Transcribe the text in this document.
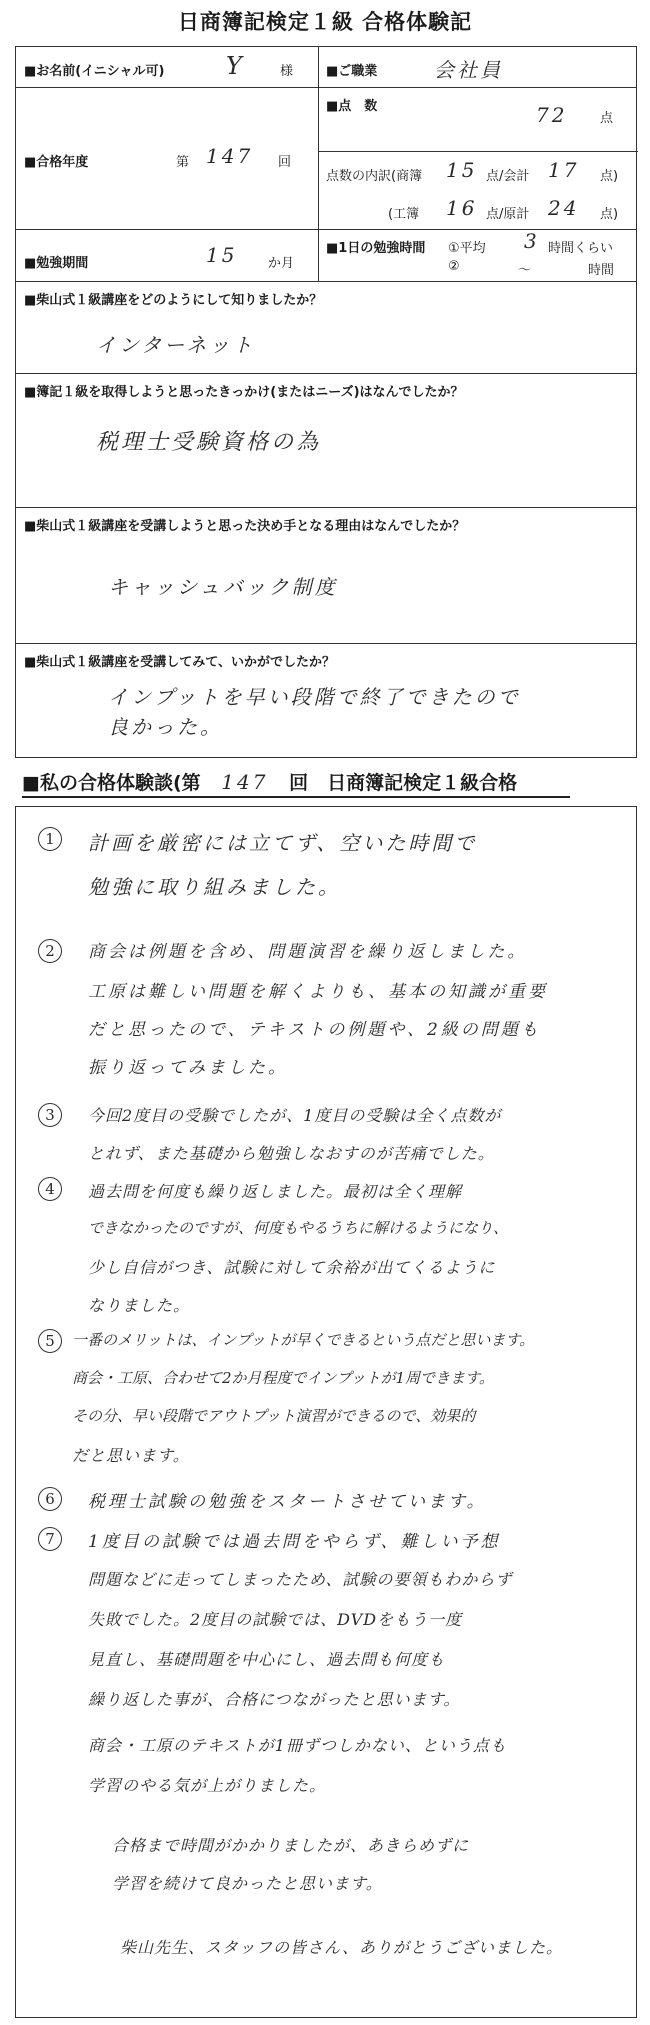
日商簿記検定１級 合格体験記
■お名前(イニシャル可)	Y	様	■ご職業	会社員
■合格年度	第 147 回
■点　数	72	点
点数の内訳(商簿 15 点/会計 17 点)
(工簿 16 点/原計 24 点)
■勉強期間	15 か月
■1日の勉強時間 ①平均 3 時間くらい
②	～	時間
■柴山式１級講座をどのようにして知りましたか？
インターネット
■簿記１級を取得しようと思ったきっかけ(またはニーズ)はなんでしたか？
税理士受験資格の為
■柴山式１級講座を受講しようと思った決め手となる理由はなんでしたか？
キャッシュバック制度
■柴山式１級講座を受講してみて、いかがでしたか？
インプットを早い段階で終了できたので
良かった。
■私の合格体験談(第 147 回　日商簿記検定１級合格
1
2
3
4
5
6
7
計画を厳密には立てず、空いた時間で
勉強に取り組みました。
商会は例題を含め、問題演習を繰り返しました。
工原は難しい問題を解くよりも、基本の知識が重要
だと思ったので、テキストの例題や、2級の問題も
振り返ってみました。
今回2度目の受験でしたが、1度目の受験は全く点数が
とれず、また基礎から勉強しなおすのが苦痛でした。
過去問を何度も繰り返しました。最初は全く理解
できなかったのですが、何度もやるうちに解けるようになり、
少し自信がつき、試験に対して余裕が出てくるように
なりました。
一番のメリットは、インプットが早くできるという点だと思います。
商会・工原、合わせて2か月程度でインプットが1周できます。
その分、早い段階でアウトプット演習ができるので、効果的
だと思います。
税理士試験の勉強をスタートさせています。
1度目の試験では過去問をやらず、難しい予想
問題などに走ってしまったため、試験の要領もわからず
失敗でした。2度目の試験では、DVDをもう一度
見直し、基礎問題を中心にし、過去問も何度も
繰り返した事が、合格につながったと思います。
商会・工原のテキストが1冊ずつしかない、という点も
学習のやる気が上がりました。
合格まで時間がかかりましたが、あきらめずに
学習を続けて良かったと思います。
柴山先生、スタッフの皆さん、ありがとうございました。
